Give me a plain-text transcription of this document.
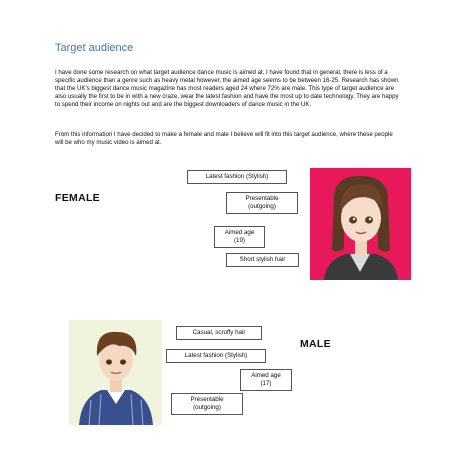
Target audience

I have done some research on what target audience dance music is aimed at. I have found that in general, there is less of a specific audience than a genre such as heavy metal however, the aimed age seems to be between 16-25. Research has shown that the UK's biggest dance music magazine has most readers aged 24 where 72% are male. This type of target audience are also usually the first to be in with a new craze, wear the latest fashion and have the most up to date technology. They are happy to spend their income on nights out and are the biggest downloaders of dance music in the UK.

From this information I have decided to make a female and male I believe will fit into this target audience, where these people will be who my music video is aimed at.

FEMALE
Latest fashion (Stylish)
Presentable (outgoing)
Aimed age (19)
Short stylish hair
Casual, scruffy hair
Latest fashion (Stylish)
Aimed age (17)
Presentable (outgoing)
MALE
